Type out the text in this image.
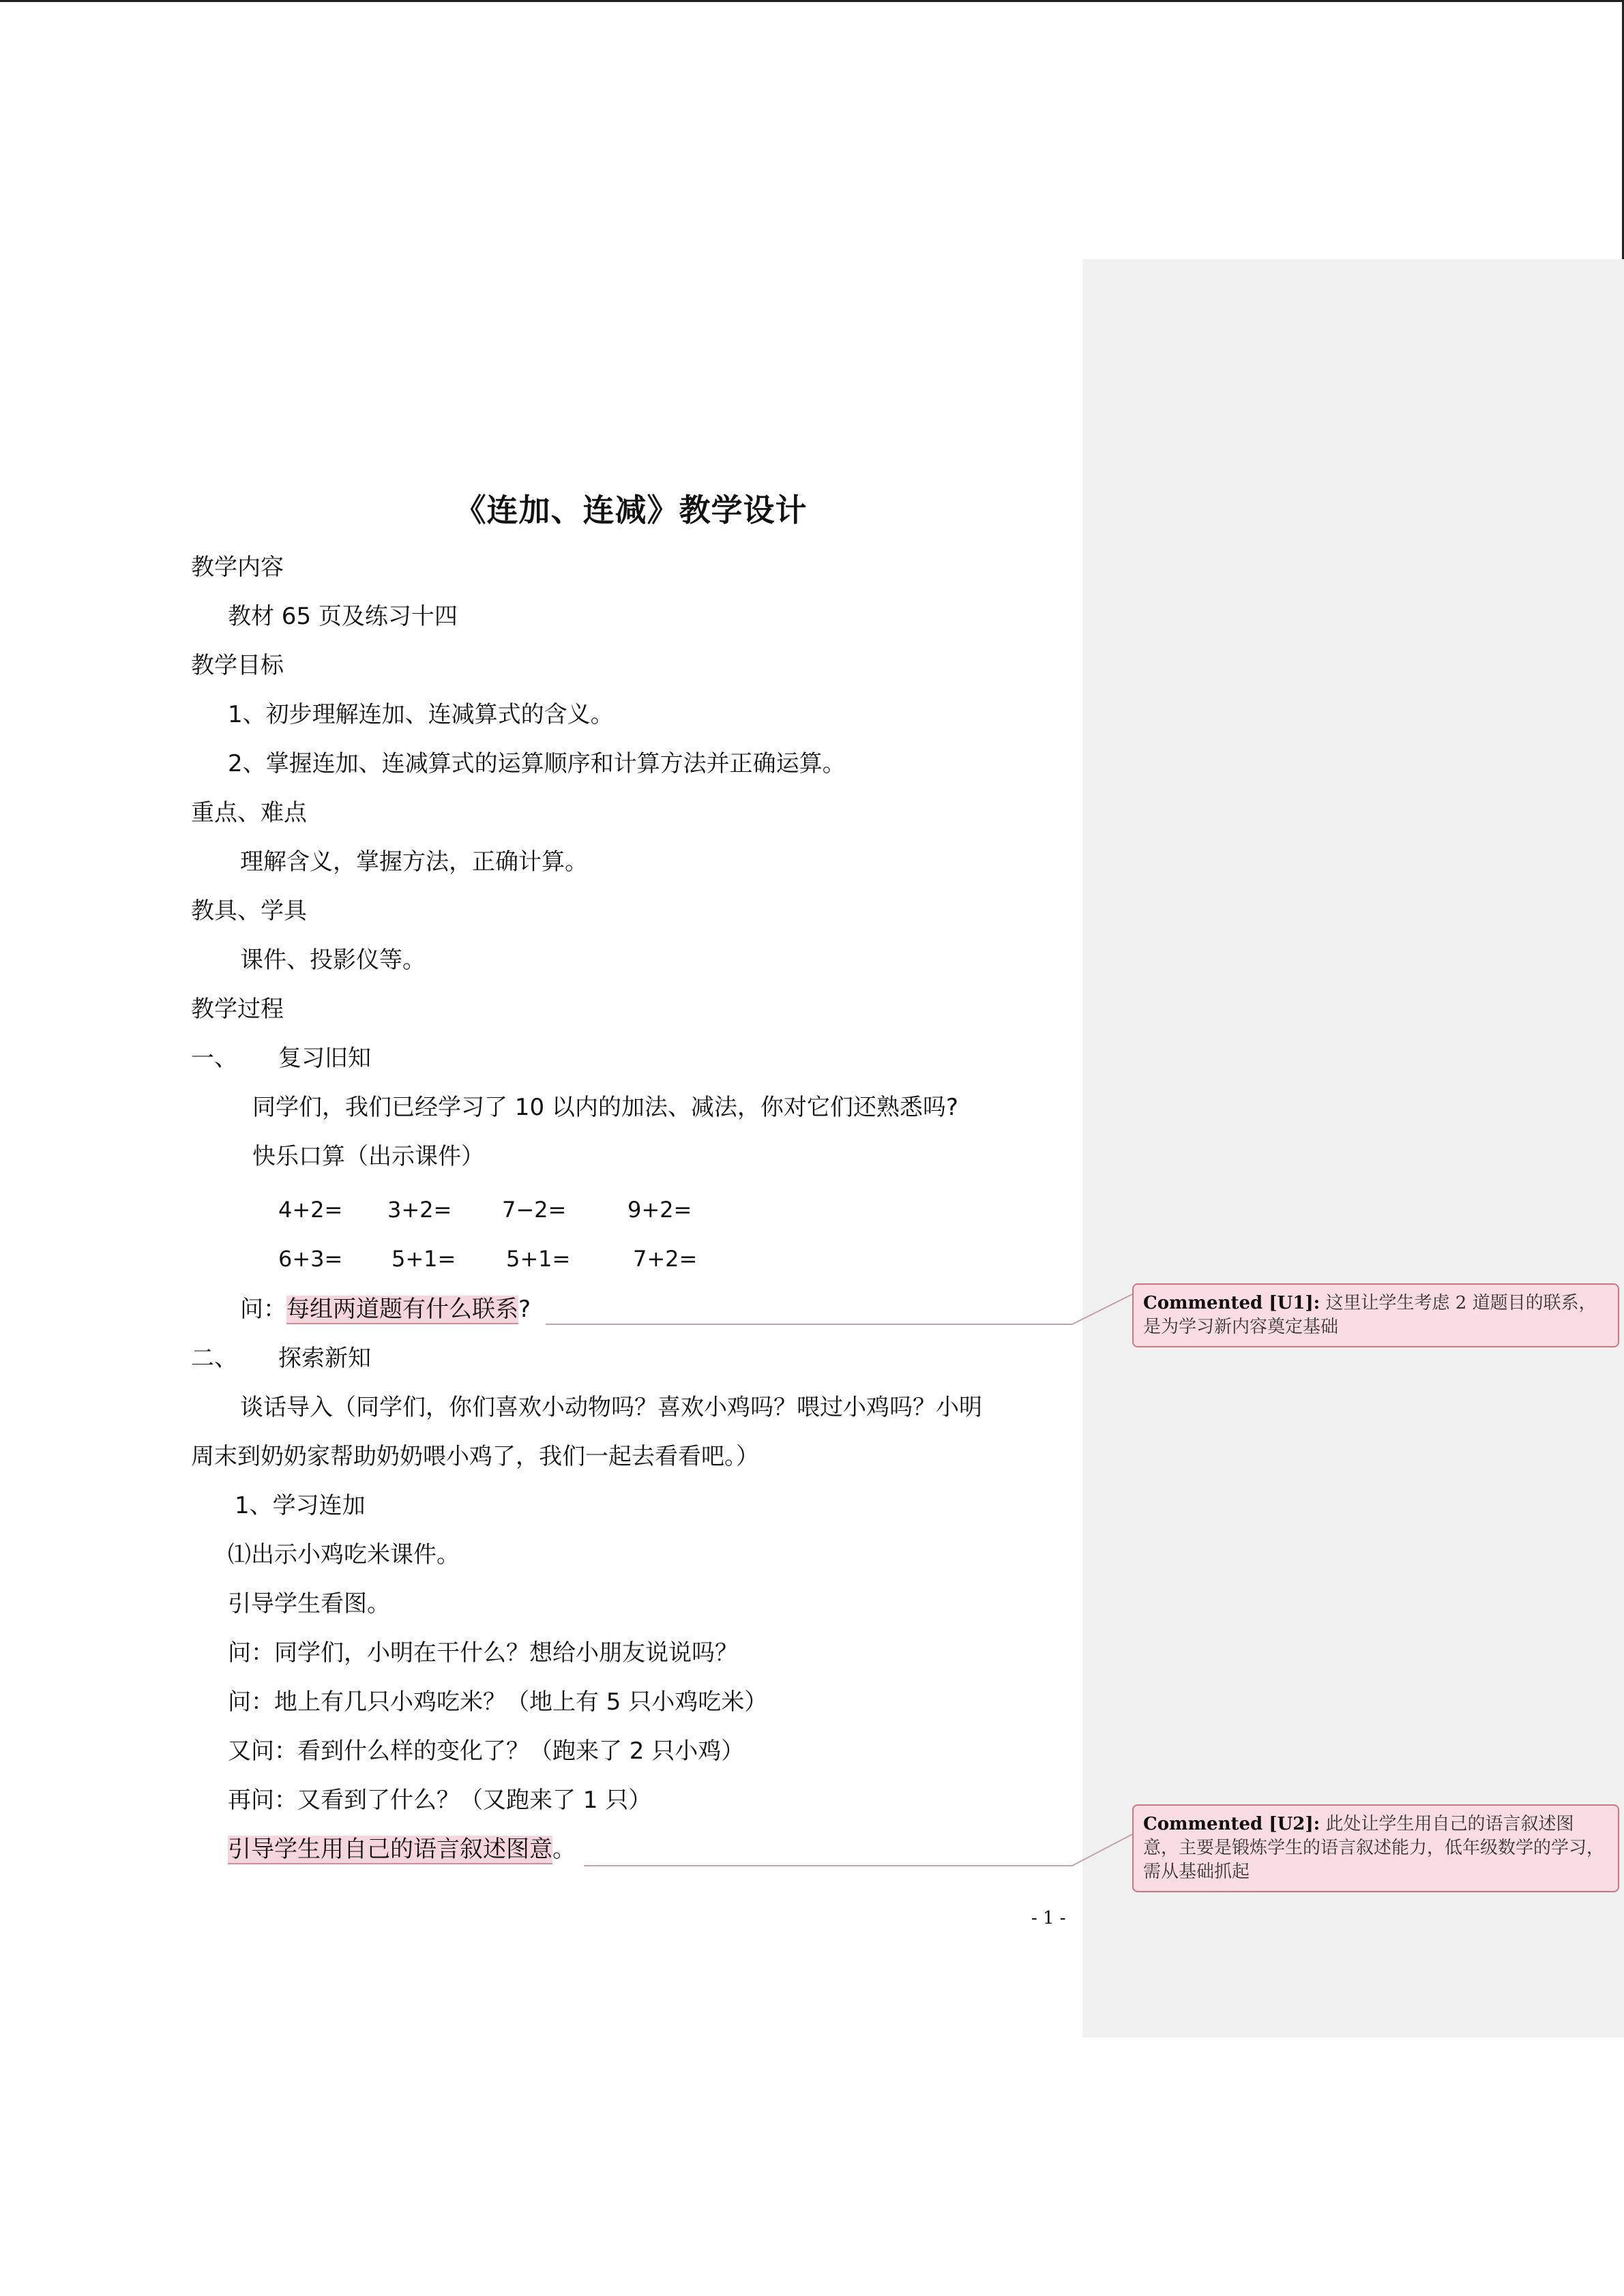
《连加、连减》教学设计
教学内容
教材 65 页及练习十四
教学目标
1、初步理解连加、连减算式的含义。
2、掌握连加、连减算式的运算顺序和计算方法并正确运算。
重点、难点
理解含义，掌握方法，正确计算。
教具、学具
课件、投影仪等。
教学过程
一、 复习旧知
同学们，我们已经学习了 10 以内的加法、减法，你对它们还熟悉吗?
快乐口算（出示课件）
4+2= 3+2= 7−2=	9+2=
6+3= 5+1= 5+1=	7+2=
问：每组两道题有什么联系?
二、 探索新知
谈话导入（同学们，你们喜欢小动物吗？喜欢小鸡吗？喂过小鸡吗？小明
周末到奶奶家帮助奶奶喂小鸡了，我们一起去看看吧。）
1、学习连加
⑴出示小鸡吃米课件。
引导学生看图。
问：同学们，小明在干什么？想给小朋友说说吗？
问：地上有几只小鸡吃米？（地上有 5 只小鸡吃米）
又问：看到什么样的变化了？（跑来了 2 只小鸡）
再问：又看到了什么？（又跑来了 1 只）
引导学生用自己的语言叙述图意。
- 1 -
Commented [U1]: 这里让学生考虑 2 道题目的联系，是为学习新内容奠定基础
Commented [U2]: 此处让学生用自己的语言叙述图意，主要是锻炼学生的语言叙述能力，低年级数学的学习，需从基础抓起
